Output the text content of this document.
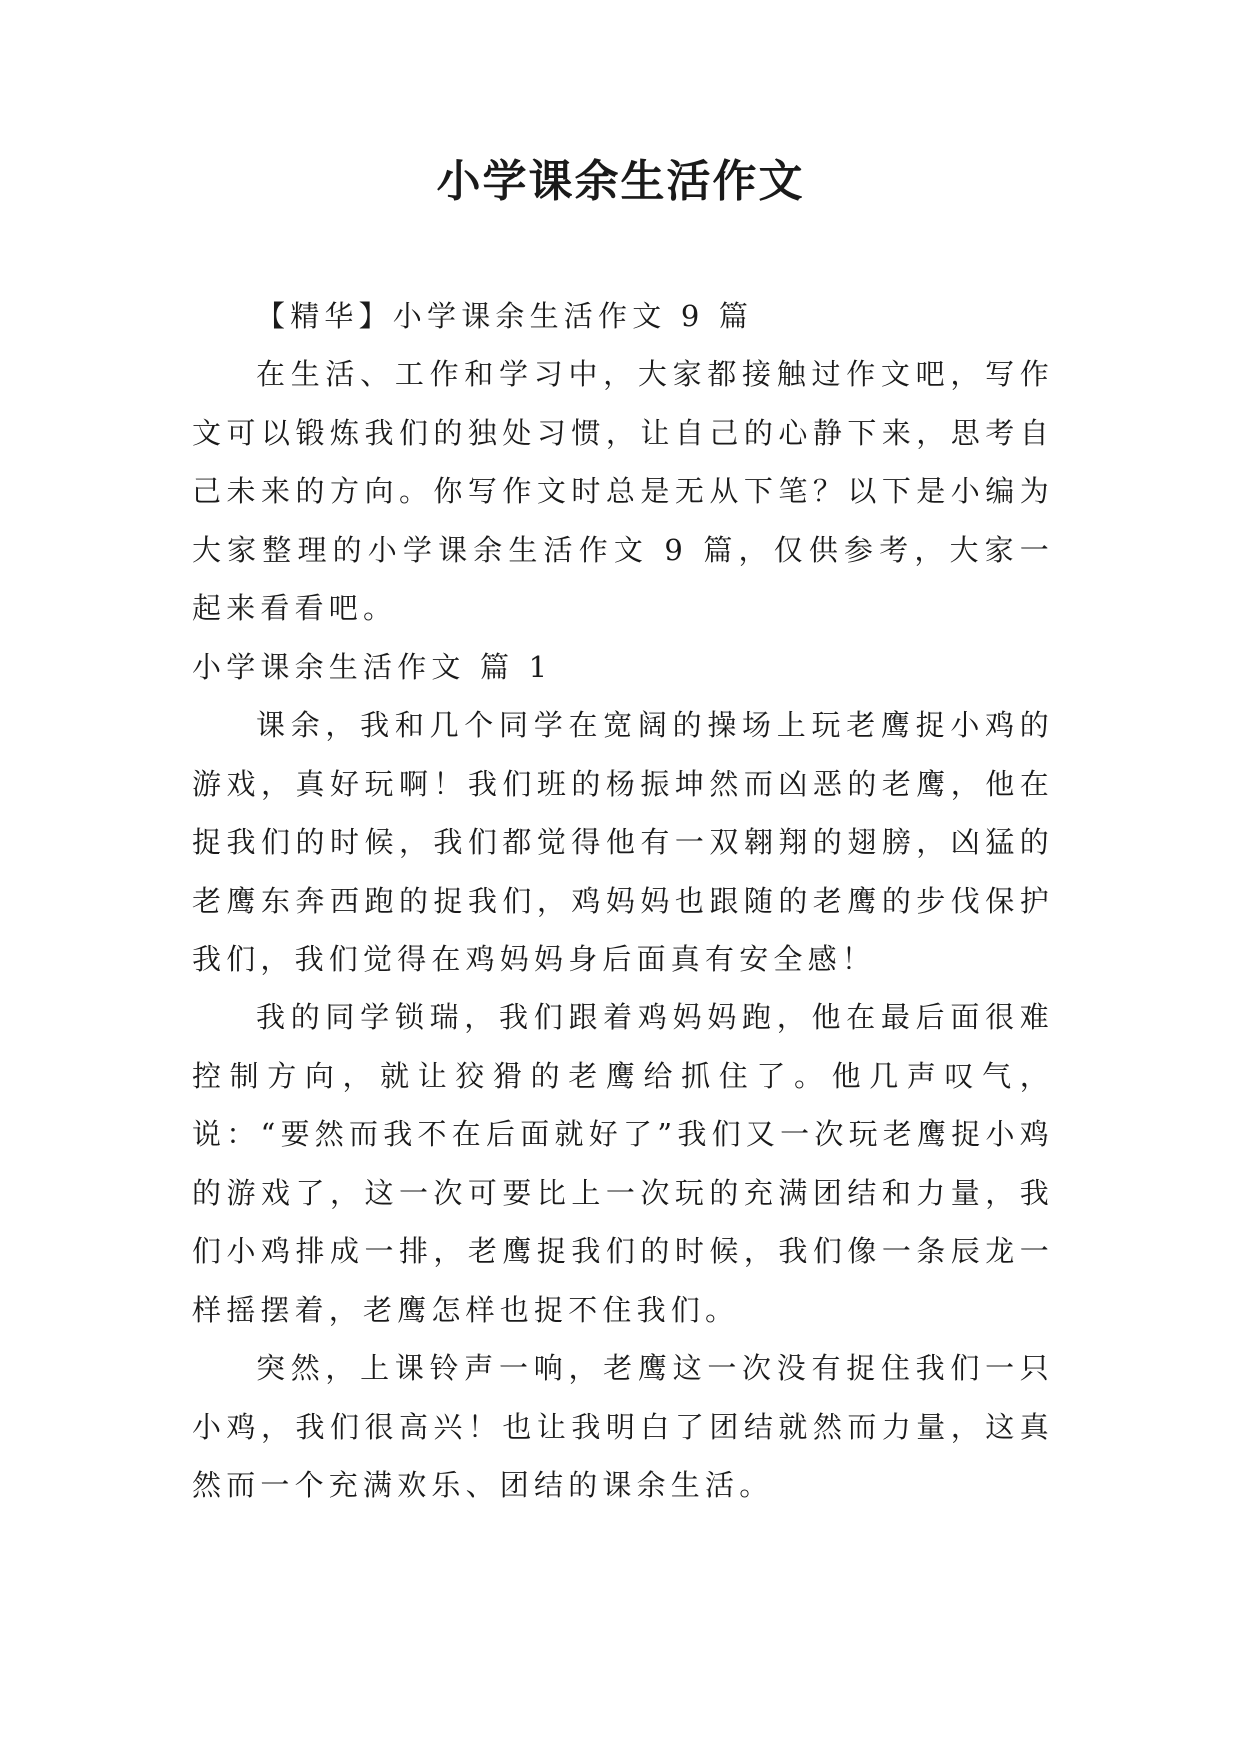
小学课余生活作文

【精华】小学课余生活作文 9 篇

在生活、工作和学习中，大家都接触过作文吧，写作文可以锻炼我们的独处习惯，让自己的心静下来，思考自己未来的方向。你写作文时总是无从下笔？以下是小编为大家整理的小学课余生活作文 9 篇，仅供参考，大家一起来看看吧。

小学课余生活作文 篇 1

课余，我和几个同学在宽阔的操场上玩老鹰捉小鸡的游戏，真好玩啊！我们班的杨振坤然而凶恶的老鹰，他在捉我们的时候，我们都觉得他有一双翱翔的翅膀，凶猛的老鹰东奔西跑的捉我们，鸡妈妈也跟随的老鹰的步伐保护我们，我们觉得在鸡妈妈身后面真有安全感！

我的同学锁瑞，我们跟着鸡妈妈跑，他在最后面很难控制方向，就让狡猾的老鹰给抓住了。他几声叹气，说：“要然而我不在后面就好了”我们又一次玩老鹰捉小鸡的游戏了，这一次可要比上一次玩的充满团结和力量，我们小鸡排成一排，老鹰捉我们的时候，我们像一条辰龙一样摇摆着，老鹰怎样也捉不住我们。

突然，上课铃声一响，老鹰这一次没有捉住我们一只小鸡，我们很高兴！也让我明白了团结就然而力量，这真然而一个充满欢乐、团结的课余生活。
